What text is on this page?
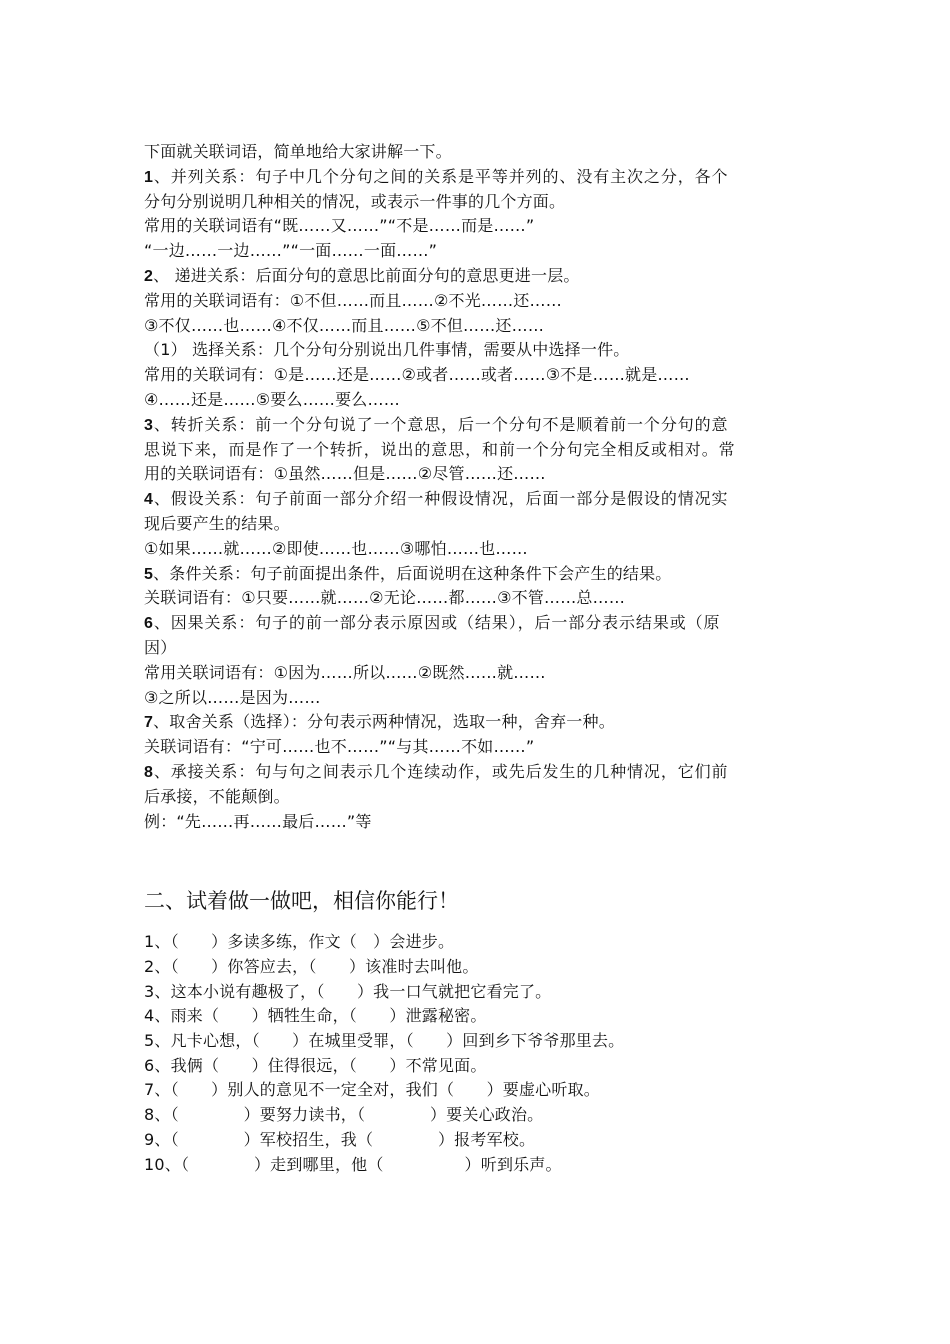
下面就关联词语，简单地给大家讲解一下。
1、并列关系：句子中几个分句之间的关系是平等并列的、没有主次之分，各个
分句分别说明几种相关的情况，或表示一件事的几个方面。
常用的关联词语有“既……又……”“不是……而是……”
“一边……一边……”“一面……一面……”
2、 递进关系：后面分句的意思比前面分句的意思更进一层。
常用的关联词语有：①不但……而且……②不光……还……
③不仅……也……④不仅……而且……⑤不但……还……
（1） 选择关系：几个分句分别说出几件事情，需要从中选择一件。
常用的关联词有：①是……还是……②或者……或者……③不是……就是……
④……还是……⑤要么……要么……
3、转折关系：前一个分句说了一个意思，后一个分句不是顺着前一个分句的意
思说下来，而是作了一个转折，说出的意思，和前一个分句完全相反或相对。常
用的关联词语有：①虽然……但是……②尽管……还……
4、假设关系：句子前面一部分介绍一种假设情况，后面一部分是假设的情况实
现后要产生的结果。
①如果……就……②即使……也……③哪怕……也……
5、条件关系：句子前面提出条件，后面说明在这种条件下会产生的结果。
关联词语有：①只要……就……②无论……都……③不管……总……
6、因果关系：句子的前一部分表示原因或（结果），后一部分表示结果或（原
因）
常用关联词语有：①因为……所以……②既然……就……
③之所以……是因为……
7、取舍关系（选择）：分句表示两种情况，选取一种，舍弃一种。
关联词语有：“宁可……也不……”“与其……不如……”
8、承接关系：句与句之间表示几个连续动作，或先后发生的几种情况，它们前
后承接，不能颠倒。
例：“先……再……最后……”等
二、试着做一做吧，相信你能行！
1、（　　）多读多练，作文（　）会进步。
2、（　　）你答应去，（　　）该准时去叫他。
3、这本小说有趣极了，（　　）我一口气就把它看完了。
4、雨来（　　）牺牲生命，（　　）泄露秘密。
5、凡卡心想，（　　）在城里受罪，（　　）回到乡下爷爷那里去。
6、我俩（　　）住得很远，（　　）不常见面。
7、（　　）别人的意见不一定全对，我们（　　）要虚心听取。
8、（　　　　）要努力读书，（　　　　）要关心政治。
9、（　　　　）军校招生，我（　　　　）报考军校。
10、（　　　　）走到哪里，他（　　　　　）听到乐声。
